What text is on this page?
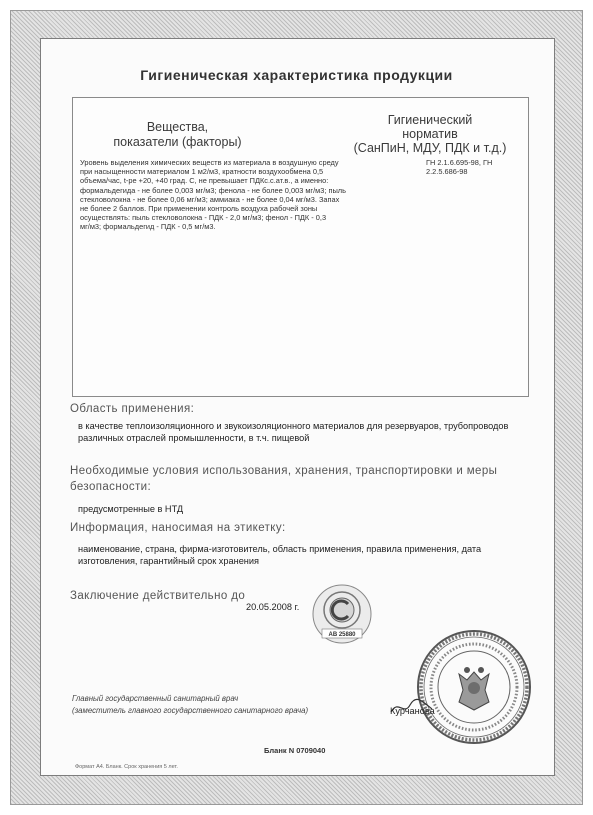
Гигиеническая характеристика продукции
Вещества,
показатели (факторы)
Гигиенический
норматив
(СанПиН, МДУ, ПДК и т.д.)
Уровень выделения химических веществ из материала в воздушную среду
при насыщенности материалом 1 м2/м3, кратности воздухообмена 0,5
объема/час, t-ре +20, +40 град. С, не превышает ПДКс.с.ат.в., а именно:
формальдегида - не более 0,003 мг/м3; фенола - не более 0,003 мг/м3; пыль
стекловолокна - не более 0,06 мг/м3; аммиака - не более 0,04 мг/м3. Запах
не более 2 баллов. При применении контроль воздуха рабочей зоны
осуществлять: пыль стекловолокна - ПДК - 2,0 мг/м3; фенол - ПДК - 0,3
мг/м3; формальдегид - ПДК - 0,5 мг/м3.
ГН 2.1.6.695-98, ГН
2.2.5.686-98
Область применения:
в качестве теплоизоляционного и звукоизоляционного материалов для резервуаров, трубопроводов
различных отраслей промышленности, в т.ч. пищевой
Необходимые условия использования, хранения, транспортировки и меры
безопасности:
предусмотренные в НТД
Информация, наносимая на этикетку:
наименование, страна, фирма-изготовитель, область применения, правила применения, дата
изготовления, гарантийный срок хранения
Заключение действительно до
20.05.2008 г.
АВ 25880
Главный государственный санитарный врач
(заместитель главного государственного санитарного врача)	Курчанова
Бланк N 0709040
Формат А4. Бланк. Срок хранения 5 лет.
